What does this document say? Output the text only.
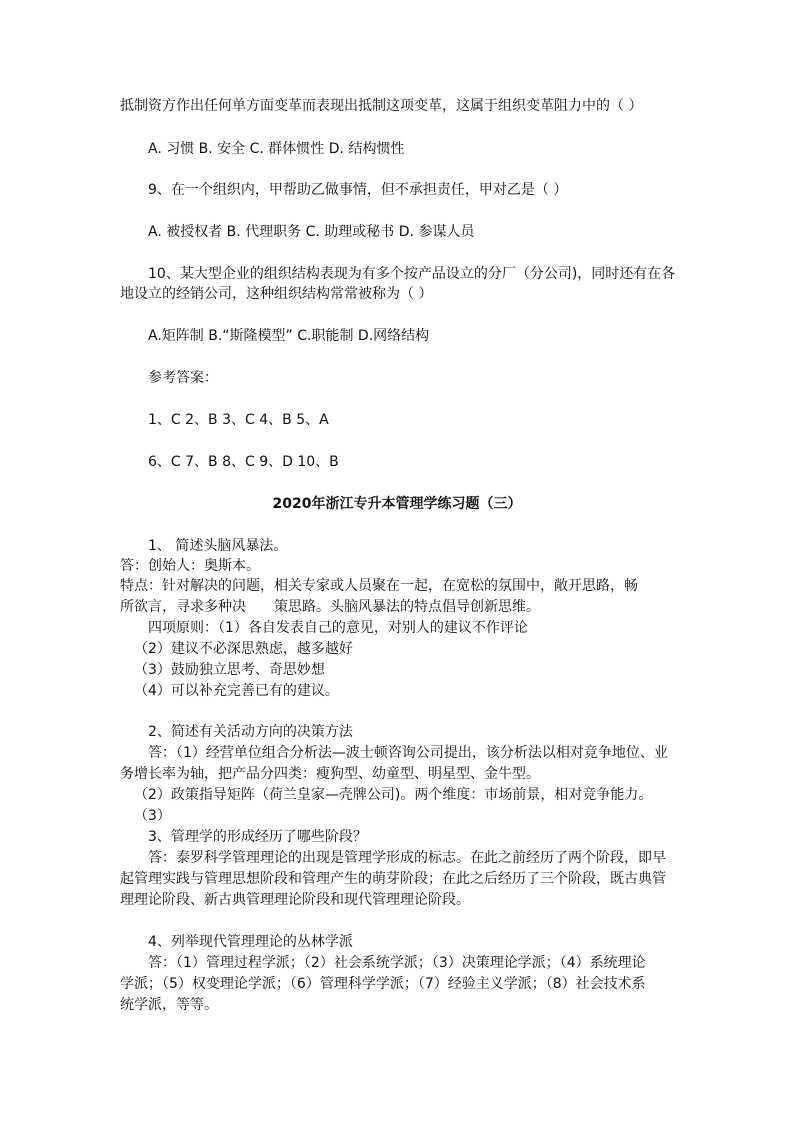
抵制资方作出任何单方面变革而表现出抵制这项变革，这属于组织变革阻力中的（ ）
A. 习惯 B. 安全 C. 群体惯性 D. 结构惯性
9、在一个组织内，甲帮助乙做事情，但不承担责任，甲对乙是（ ）
A. 被授权者 B. 代理职务 C. 助理或秘书 D. 参谋人员
10、某大型企业的组织结构表现为有多个按产品设立的分厂（分公司)，同时还有在各
地设立的经销公司，这种组织结构常常被称为（ ）
A.矩阵制 B.“斯隆模型” C.职能制 D.网络结构
参考答案：
1、C 2、B 3、C 4、B 5、A
6、C 7、B 8、C 9、D 10、B
2020年浙江专升本管理学练习题（三）
1、 简述头脑风暴法。
答：创始人：奥斯本。
特点：针对解决的问题，相关专家或人员聚在一起，在宽松的氛围中，敞开思路，畅
所欲言，寻求多种决　　策思路。头脑风暴法的特点倡导创新思维。
四项原则：（1）各自发表自己的意见，对别人的建议不作评论
（2）建议不必深思熟虑，越多越好
（3）鼓励独立思考、奇思妙想
（4）可以补充完善已有的建议。
2、简述有关活动方向的决策方法
答：（1）经营单位组合分析法—波士顿咨询公司提出，该分析法以相对竞争地位、业
务增长率为轴，把产品分四类：瘦狗型、幼童型、明星型、金牛型。
（2）政策指导矩阵（荷兰皇家—壳牌公司)。两个维度：市场前景，相对竞争能力。
（3）
3、管理学的形成经历了哪些阶段？
答：泰罗科学管理理论的出现是管理学形成的标志。在此之前经历了两个阶段，即早
起管理实践与管理思想阶段和管理产生的萌芽阶段；在此之后经历了三个阶段，既古典管
理理论阶段、新古典管理理论阶段和现代管理理论阶段。
4、列举现代管理理论的丛林学派
答：（1）管理过程学派；（2）社会系统学派；（3）决策理论学派；（4）系统理论
学派；（5）权变理论学派；（6）管理科学学派；（7）经验主义学派；（8）社会技术系
统学派，等等。
